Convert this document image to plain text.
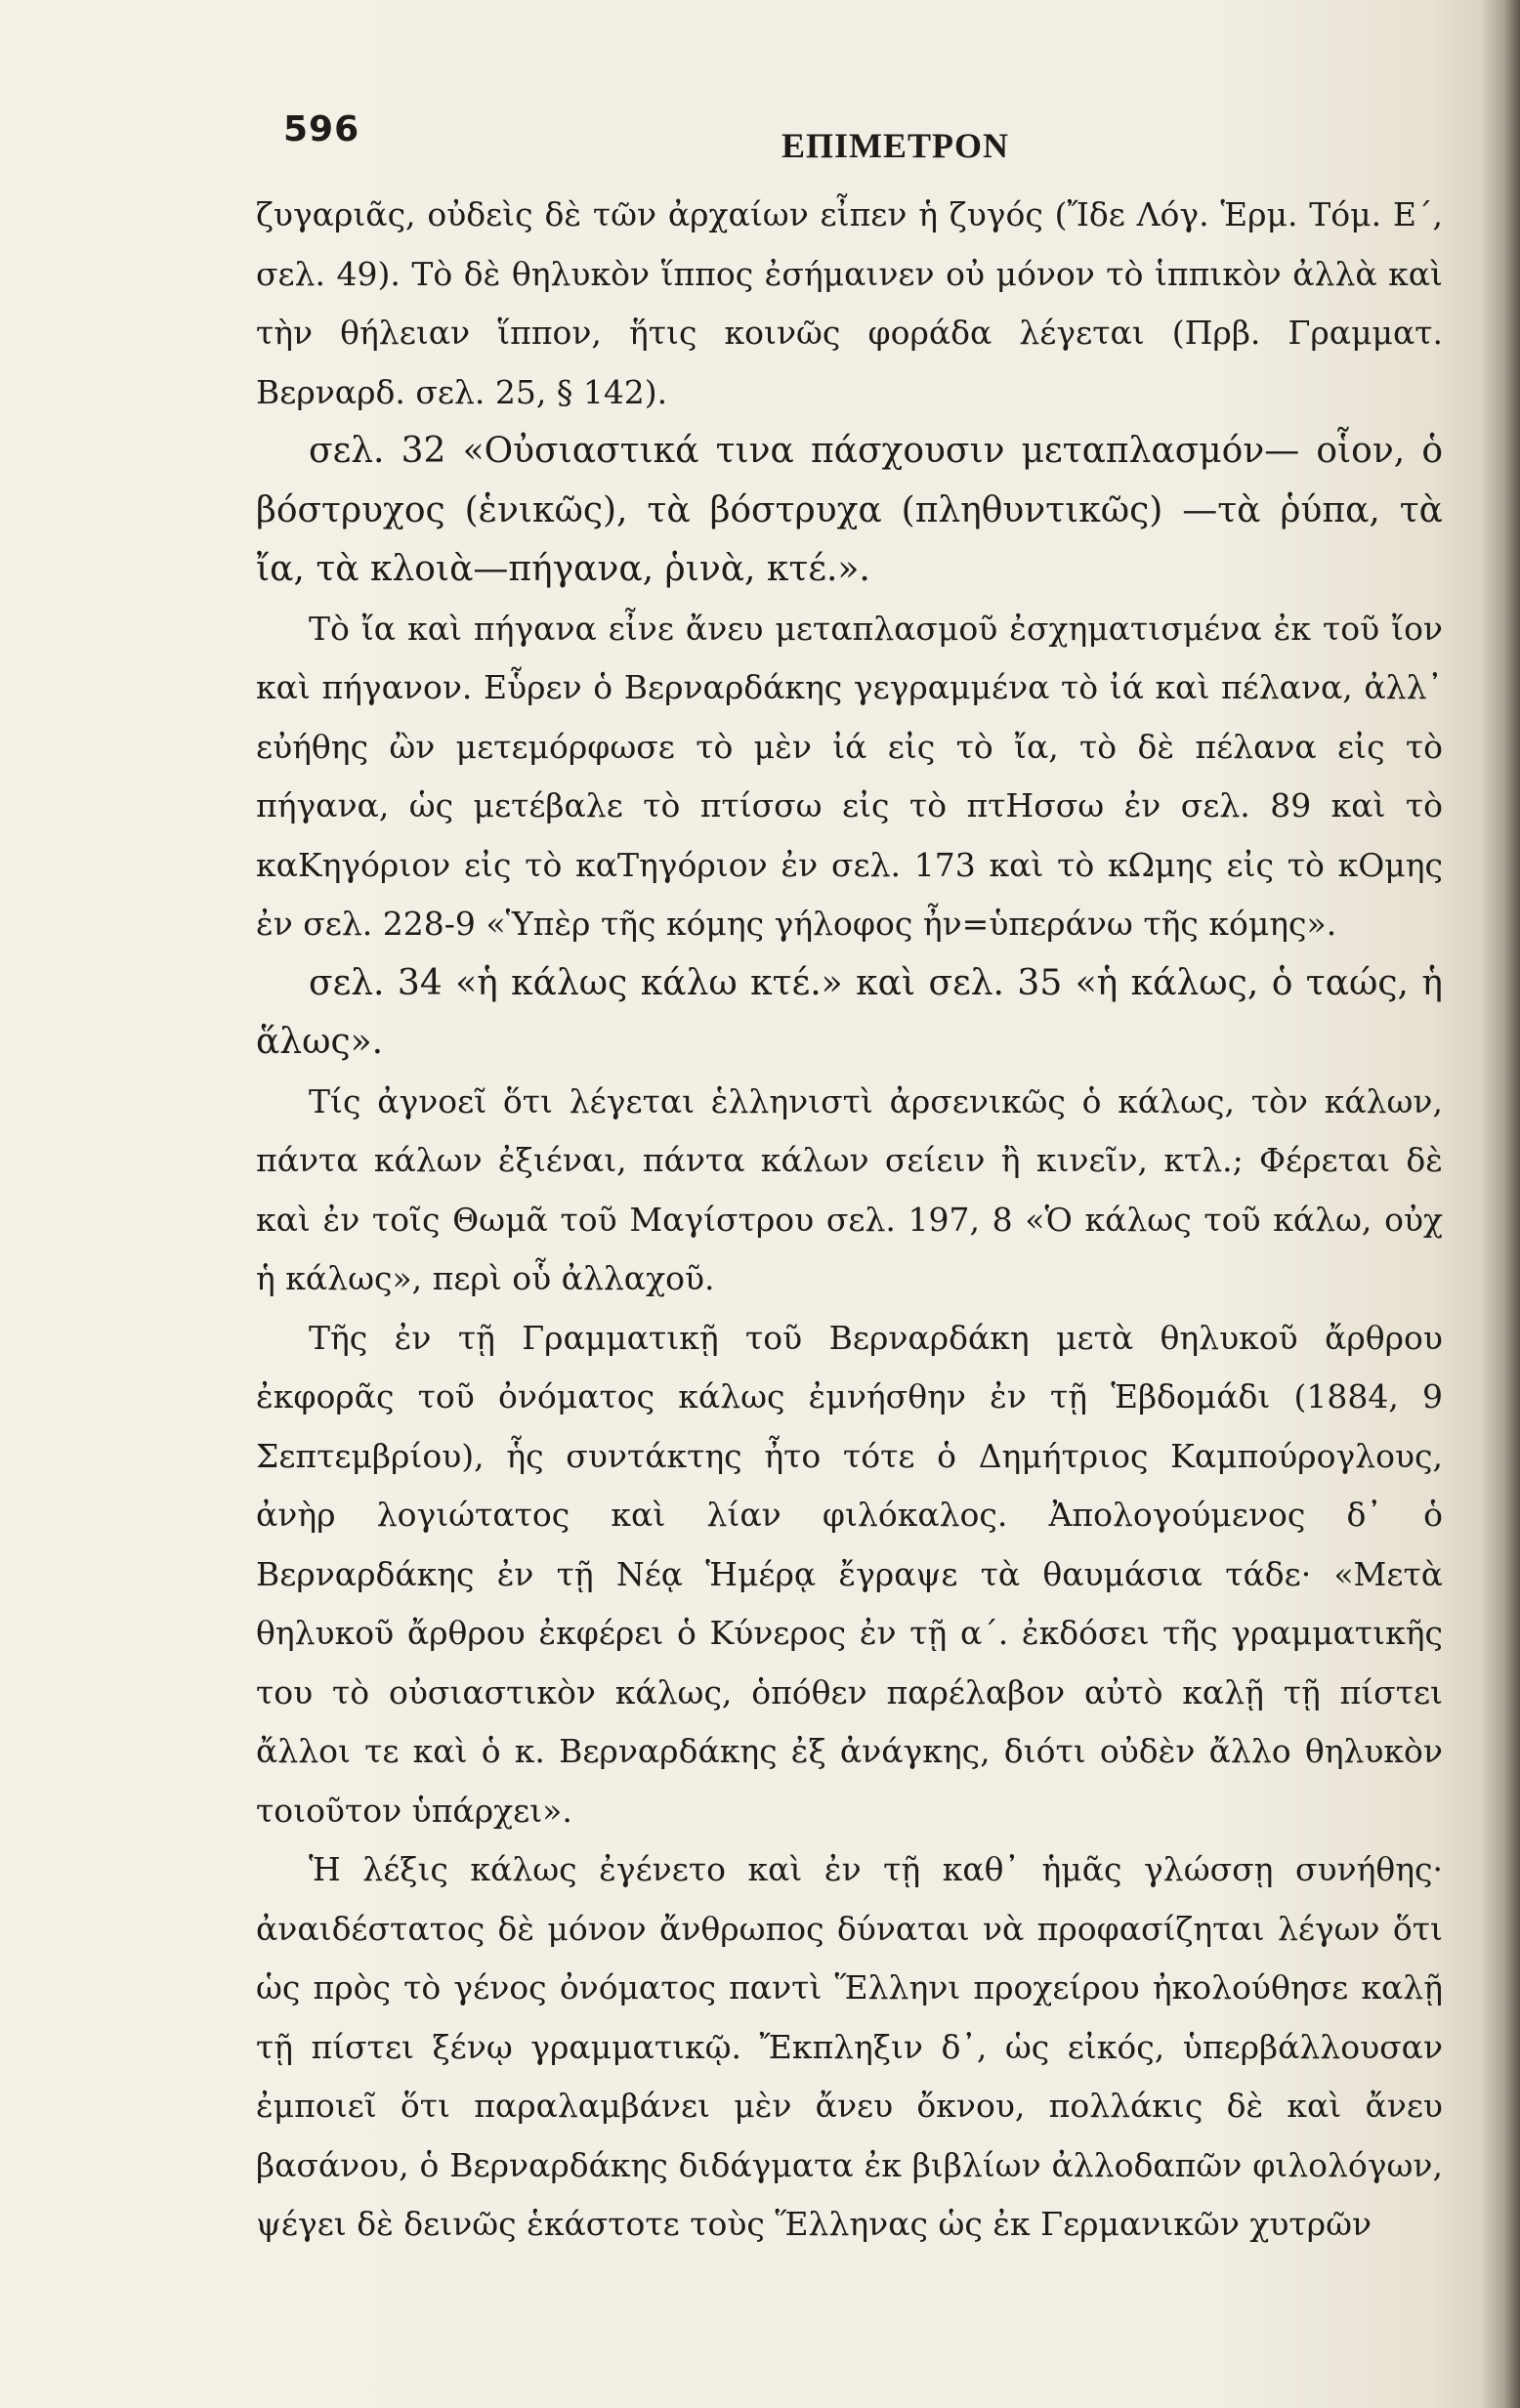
596	ΕΠΙΜΕΤΡΟΝ

ζυγαριᾶς, οὐδεὶς δὲ τῶν ἀρχαίων εἶπεν ἡ ζυγός (Ἴδε Λόγ. Ἑρμ. Τόμ. Ε΄, σελ. 49). Τὸ δὲ θηλυκὸν ἵππος ἐσήμαινεν οὐ μόνον τὸ ἱππικὸν ἀλλὰ καὶ τὴν θήλειαν ἵππον, ἥτις κοινῶς φοράδα λέγεται (Πρβ. Γραμματ. Βερναρδ. σελ. 25, § 142).

σελ. 32 «Οὐσιαστικά τινα πάσχουσιν μεταπλασμόν— οἷον, ὁ βόστρυχος (ἑνικῶς), τὰ βόστρυχα (πληθυντικῶς) —τὰ ῥύπα, τὰ ἴα, τὰ κλοιὰ—πήγανα, ῥινὰ, κτέ.».

Τὸ ἴα καὶ πήγανα εἶνε ἄνευ μεταπλασμοῦ ἐσχηματισμένα ἐκ τοῦ ἴον καὶ πήγανον. Εὗρεν ὁ Βερναρδάκης γεγραμμένα τὸ ἰά καὶ πέλανα, ἀλλ᾽ εὐήθης ὢν μετεμόρφωσε τὸ μὲν ἰά εἰς τὸ ἴα, τὸ δὲ πέλανα εἰς τὸ πήγανα, ὡς μετέβαλε τὸ πτίσσω εἰς τὸ πτΗσσω ἐν σελ. 89 καὶ τὸ καΚηγόριον εἰς τὸ καΤηγόριον ἐν σελ. 173 καὶ τὸ κΩμης εἰς τὸ κΟμης ἐν σελ. 228-9 «Ὑπὲρ τῆς κόμης γήλοφος ἦν=ὑπεράνω τῆς κόμης».

σελ. 34 «ἡ κάλως κάλω κτέ.» καὶ σελ. 35 «ἡ κάλως, ὁ ταώς, ἡ ἅλως».

Τίς ἀγνοεῖ ὅτι λέγεται ἑλληνιστὶ ἀρσενικῶς ὁ κάλως, τὸν κάλων, πάντα κάλων ἐξιέναι, πάντα κάλων σείειν ἢ κινεῖν, κτλ.; Φέρεται δὲ καὶ ἐν τοῖς Θωμᾶ τοῦ Μαγίστρου σελ. 197, 8 «Ὁ κάλως τοῦ κάλω, οὐχ ἡ κάλως», περὶ οὗ ἀλλαχοῦ.

Τῆς ἐν τῇ Γραμματικῇ τοῦ Βερναρδάκη μετὰ θηλυκοῦ ἄρθρου ἐκφορᾶς τοῦ ὀνόματος κάλως ἐμνήσθην ἐν τῇ Ἑβδομάδι (1884, 9 Σεπτεμβρίου), ἧς συντάκτης ἦτο τότε ὁ Δημήτριος Καμπούρογλους, ἀνὴρ λογιώτατος καὶ λίαν φιλόκαλος. Ἀπολογούμενος δ᾽ ὁ Βερναρδάκης ἐν τῇ Νέᾳ Ἡμέρᾳ ἔγραψε τὰ θαυμάσια τάδε· «Μετὰ θηλυκοῦ ἄρθρου ἐκφέρει ὁ Κύνερος ἐν τῇ α΄. ἐκδόσει τῆς γραμματικῆς του τὸ οὐσιαστικὸν κάλως, ὁπόθεν παρέλαβον αὐτὸ καλῇ τῇ πίστει ἄλλοι τε καὶ ὁ κ. Βερναρδάκης ἐξ ἀνάγκης, διότι οὐδὲν ἄλλο θηλυκὸν τοιοῦτον ὑπάρχει».

Ἡ λέξις κάλως ἐγένετο καὶ ἐν τῇ καθ᾽ ἡμᾶς γλώσσῃ συνήθης· ἀναιδέστατος δὲ μόνον ἄνθρωπος δύναται νὰ προφασίζηται λέγων ὅτι ὡς πρὸς τὸ γένος ὀνόματος παντὶ Ἕλληνι προχείρου ἠκολούθησε καλῇ τῇ πίστει ξένῳ γραμματικῷ. Ἔκπληξιν δ᾽, ὡς εἰκός, ὑπερβάλλουσαν ἐμποιεῖ ὅτι παραλαμβάνει μὲν ἄνευ ὄκνου, πολλάκις δὲ καὶ ἄνευ βασάνου, ὁ Βερναρδάκης διδάγματα ἐκ βιβλίων ἀλλοδαπῶν φιλολόγων, ψέγει δὲ δεινῶς ἑκάστοτε τοὺς Ἕλληνας ὡς ἐκ Γερμανικῶν χυτρῶν
